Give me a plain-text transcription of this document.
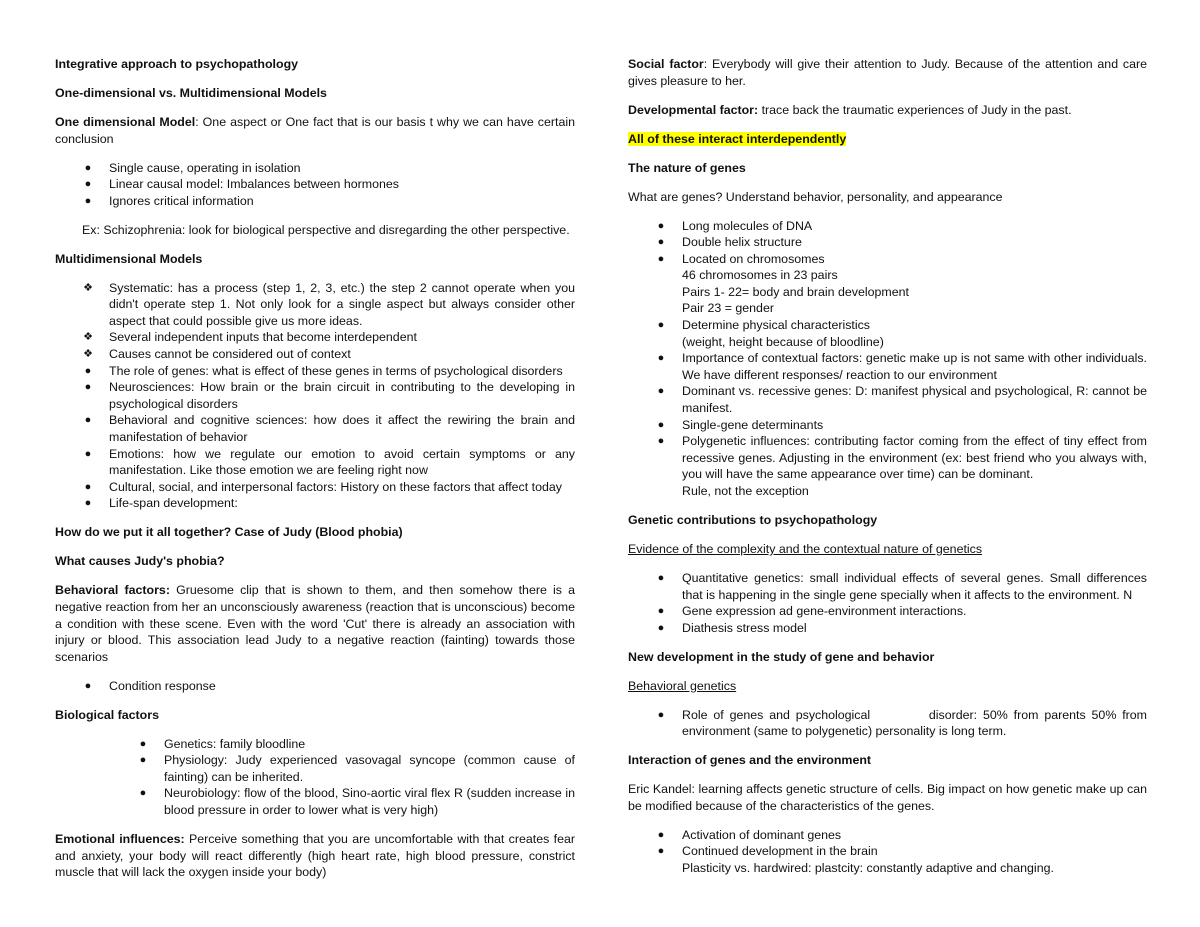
Integrative approach to psychopathology

One-dimensional vs. Multidimensional Models

One dimensional Model: One aspect or One fact that is our basis t why we can have certain conclusion

● Single cause, operating in isolation
● Linear causal model: Imbalances between hormones
● Ignores critical information

Ex: Schizophrenia: look for biological perspective and disregarding the other perspective.

Multidimensional Models

❖ Systematic: has a process (step 1, 2, 3, etc.) the step 2 cannot operate when you didn't operate step 1. Not only look for a single aspect but always consider other aspect that could possible give us more ideas.
❖ Several independent inputs that become interdependent
❖ Causes cannot be considered out of context
● The role of genes: what is effect of these genes in terms of psychological disorders
● Neurosciences: How brain or the brain circuit in contributing to the developing in psychological disorders
● Behavioral and cognitive sciences: how does it affect the rewiring the brain and manifestation of behavior
● Emotions: how we regulate our emotion to avoid certain symptoms or any manifestation. Like those emotion we are feeling right now
● Cultural, social, and interpersonal factors: History on these factors that affect today
● Life-span development:

How do we put it all together? Case of Judy (Blood phobia)

What causes Judy's phobia?

Behavioral factors: Gruesome clip that is shown to them, and then somehow there is a negative reaction from her an unconsciously awareness (reaction that is unconscious) become a condition with these scene. Even with the word 'Cut' there is already an association with injury or blood. This association lead Judy to a negative reaction (fainting) towards those scenarios

● Condition response

Biological factors

● Genetics: family bloodline
● Physiology: Judy experienced vasovagal syncope (common cause of fainting) can be inherited.
● Neurobiology: flow of the blood, Sino-aortic viral flex R (sudden increase in blood pressure in order to lower what is very high)

Emotional influences: Perceive something that you are uncomfortable with that creates fear and anxiety, your body will react differently (high heart rate, high blood pressure, constrict muscle that will lack the oxygen inside your body)

Social factor: Everybody will give their attention to Judy. Because of the attention and care gives pleasure to her.

Developmental factor: trace back the traumatic experiences of Judy in the past.

All of these interact interdependently

The nature of genes

What are genes? Understand behavior, personality, and appearance

● Long molecules of DNA
● Double helix structure
● Located on chromosomes
46 chromosomes in 23 pairs
Pairs 1- 22= body and brain development
Pair 23 = gender
● Determine physical characteristics
(weight, height because of bloodline)
● Importance of contextual factors: genetic make up is not same with other individuals. We have different responses/ reaction to our environment
● Dominant vs. recessive genes: D: manifest physical and psychological, R: cannot be manifest.
● Single-gene determinants
● Polygenetic influences: contributing factor coming from the effect of tiny effect from recessive genes. Adjusting in the environment (ex: best friend who you always with, you will have the same appearance over time) can be dominant.
Rule, not the exception

Genetic contributions to psychopathology

Evidence of the complexity and the contextual nature of genetics

● Quantitative genetics: small individual effects of several genes. Small differences that is happening in the single gene specially when it affects to the environment. N
● Gene expression ad gene-environment interactions.
● Diathesis stress model

New development in the study of gene and behavior

Behavioral genetics

● Role of genes and psychological          disorder: 50% from parents 50% from environment (same to polygenetic) personality is long term.

Interaction of genes and the environment

Eric Kandel: learning affects genetic structure of cells. Big impact on how genetic make up can be modified because of the characteristics of the genes.

● Activation of dominant genes
● Continued development in the brain
Plasticity vs. hardwired: plastcity: constantly adaptive and changing.
